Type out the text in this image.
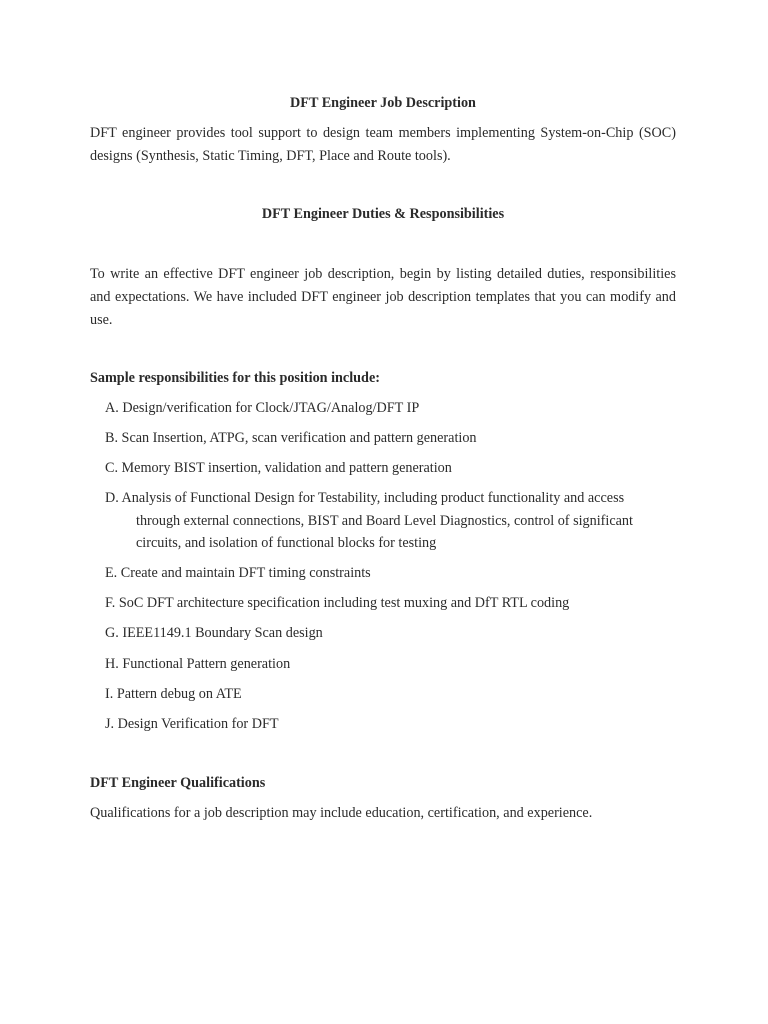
DFT Engineer Job Description

DFT engineer provides tool support to design team members implementing System-on-Chip (SOC) designs (Synthesis, Static Timing, DFT, Place and Route tools).

DFT Engineer Duties & Responsibilities

To write an effective DFT engineer job description, begin by listing detailed duties, responsibilities and expectations. We have included DFT engineer job description templates that you can modify and use.

Sample responsibilities for this position include:

A. Design/verification for Clock/JTAG/Analog/DFT IP
B. Scan Insertion, ATPG, scan verification and pattern generation
C. Memory BIST insertion, validation and pattern generation
D. Analysis of Functional Design for Testability, including product functionality and access
through external connections, BIST and Board Level Diagnostics, control of significant circuits, and isolation of functional blocks for testing
E. Create and maintain DFT timing constraints
F. SoC DFT architecture specification including test muxing and DfT RTL coding
G. IEEE1149.1 Boundary Scan design
H. Functional Pattern generation
I. Pattern debug on ATE
J. Design Verification for DFT

DFT Engineer Qualifications

Qualifications for a job description may include education, certification, and experience.
